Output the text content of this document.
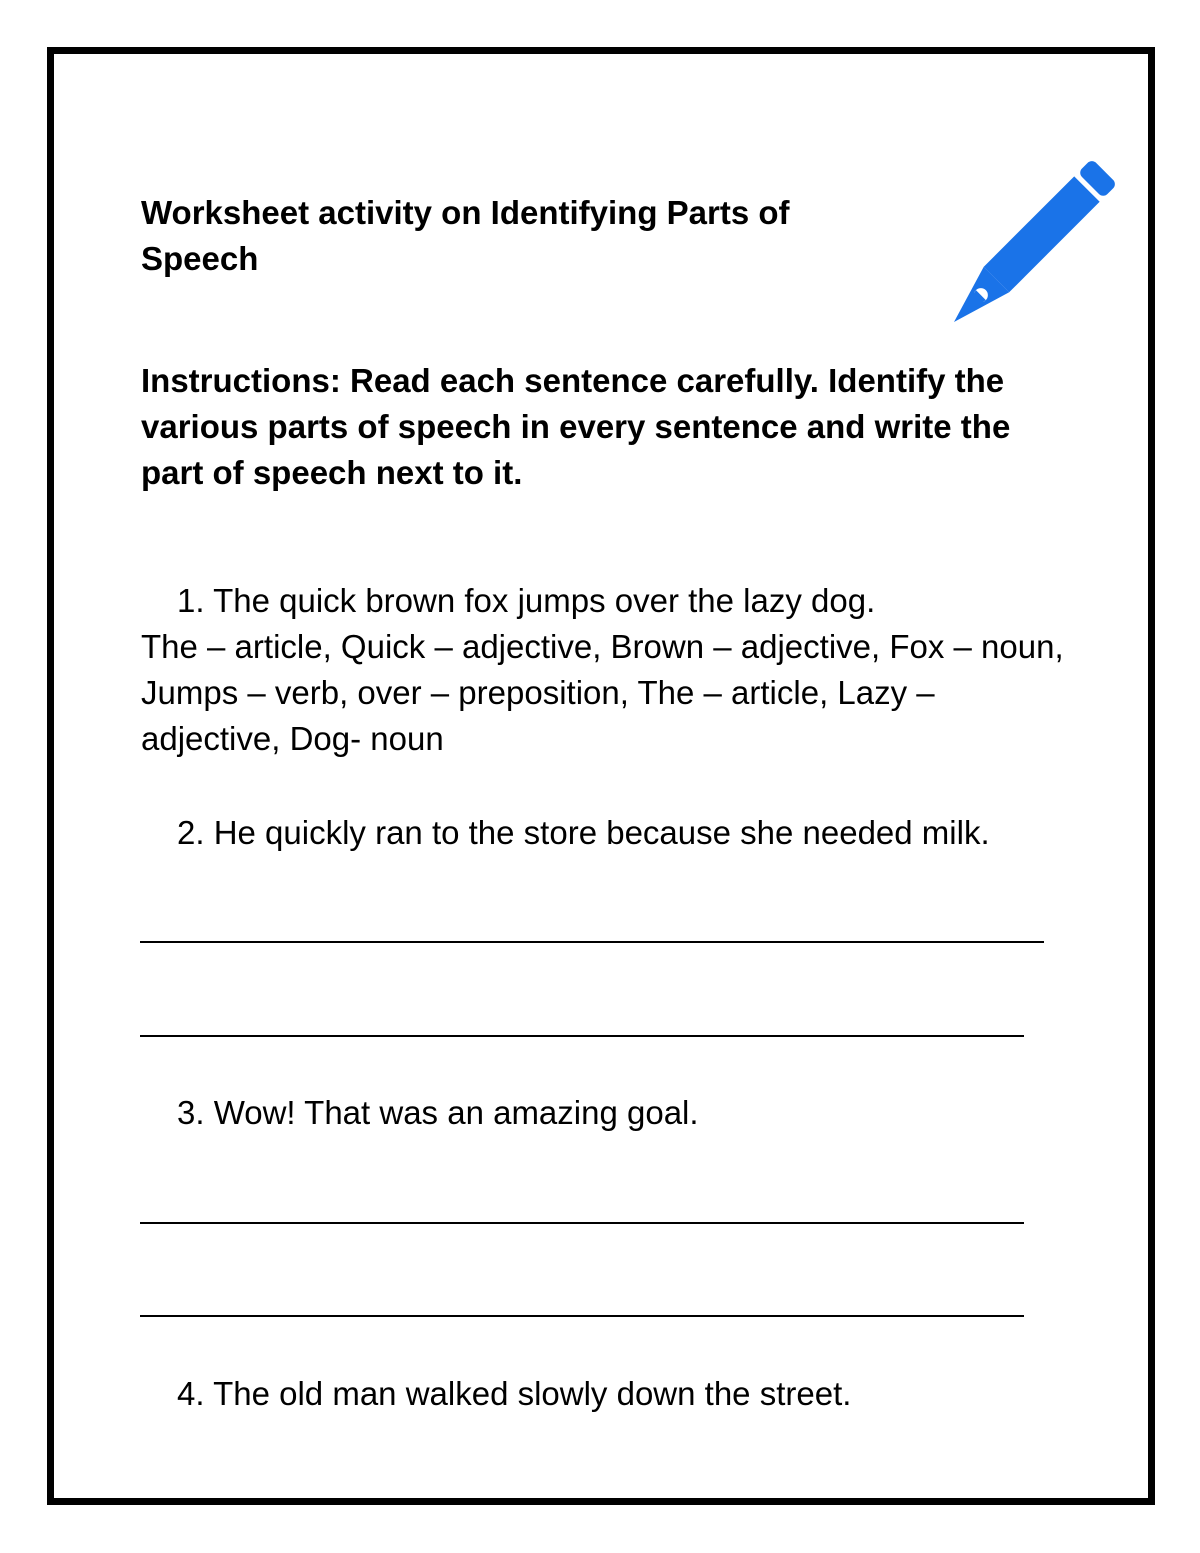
Worksheet activity on Identifying Parts of Speech

Instructions: Read each sentence carefully. Identify the various parts of speech in every sentence and write the part of speech next to it.

1. The quick brown fox jumps over the lazy dog.

The – article, Quick – adjective, Brown – adjective, Fox – noun, Jumps – verb, over – preposition, The – article, Lazy – adjective, Dog- noun

2. He quickly ran to the store because she needed milk.

3. Wow! That was an amazing goal.

4. The old man walked slowly down the street.
